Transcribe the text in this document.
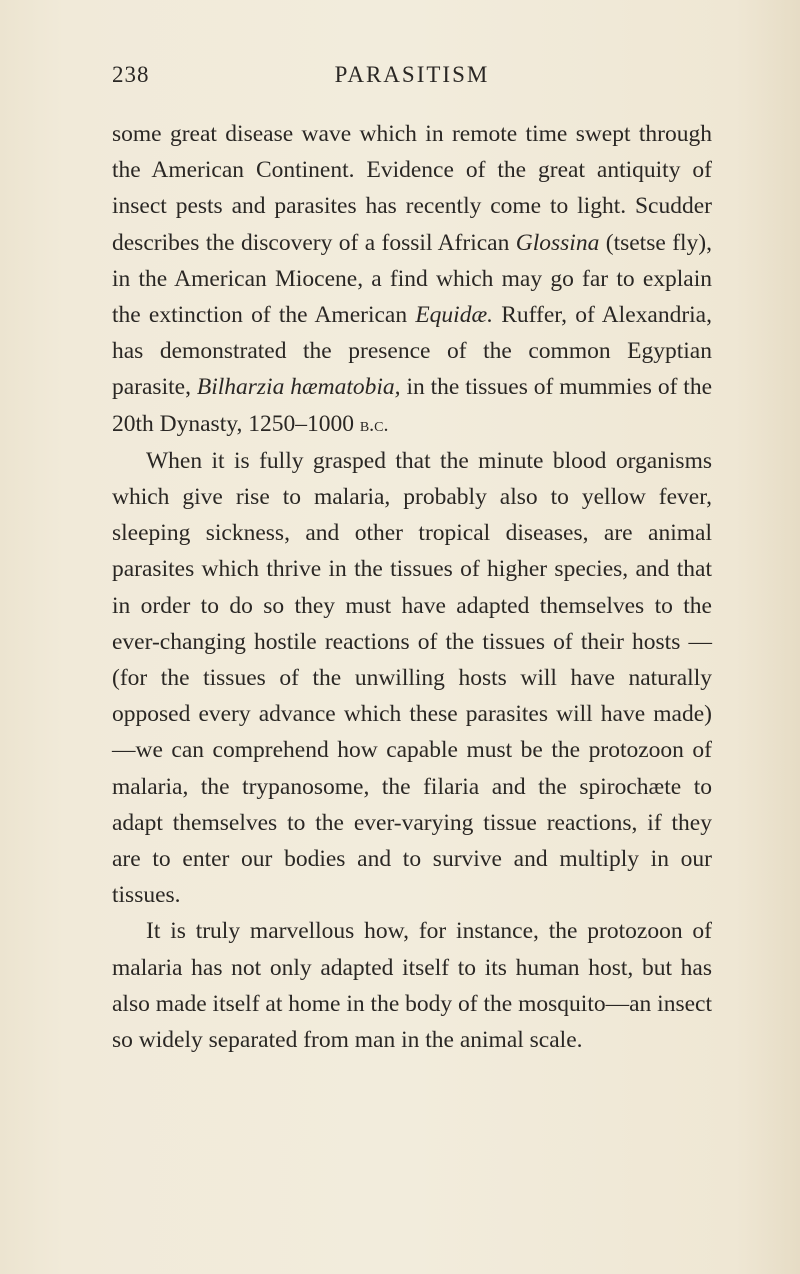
238	PARASITISM

some great disease wave which in remote time swept through the American Continent. Evidence of the great antiquity of insect pests and parasites has recently come to light. Scudder describes the discovery of a fossil African Glossina (tsetse fly), in the American Miocene, a find which may go far to explain the extinction of the American Equidæ. Ruffer, of Alexandria, has demonstrated the presence of the common Egyptian parasite, Bilharzia hæmatobia, in the tissues of mummies of the 20th Dynasty, 1250–1000 b.c.

When it is fully grasped that the minute blood organisms which give rise to malaria, probably also to yellow fever, sleeping sickness, and other tropical diseases, are animal parasites which thrive in the tissues of higher species, and that in order to do so they must have adapted themselves to the ever-changing hostile reactions of the tissues of their hosts —(for the tissues of the unwilling hosts will have naturally opposed every advance which these parasites will have made)—we can comprehend how capable must be the protozoon of malaria, the trypanosome, the filaria and the spirochæte to adapt themselves to the ever-varying tissue reactions, if they are to enter our bodies and to survive and multiply in our tissues.

It is truly marvellous how, for instance, the protozoon of malaria has not only adapted itself to its human host, but has also made itself at home in the body of the mosquito—an insect so widely separated from man in the animal scale.
